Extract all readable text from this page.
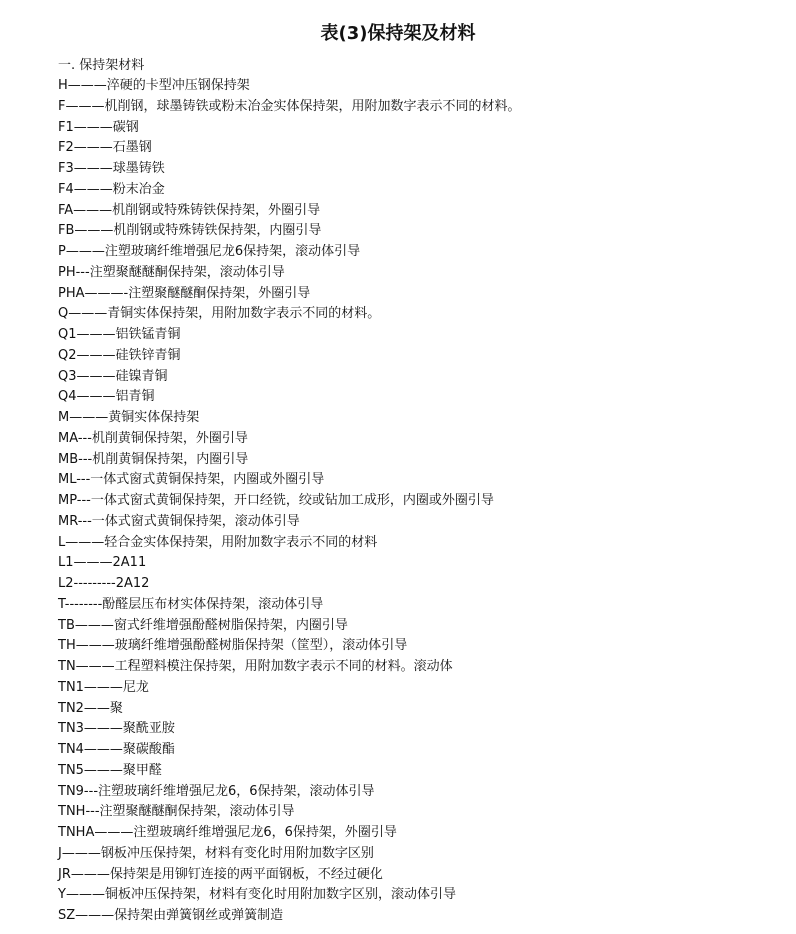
表(3)保持架及材料

一. 保持架材料

H———淬硬的卡型冲压钢保持架
F———机削钢，球墨铸铁或粉末冶金实体保持架，用附加数字表示不同的材料。
F1———碳钢
F2———石墨钢
F3———球墨铸铁
F4———粉末冶金
FA———机削钢或特殊铸铁保持架，外圈引导
FB———机削钢或特殊铸铁保持架，内圈引导
P———注塑玻璃纤维增强尼龙6保持架，滚动体引导
PH---注塑聚醚醚酮保持架，滚动体引导
PHA———-注塑聚醚醚酮保持架，外圈引导
Q———青铜实体保持架，用附加数字表示不同的材料。
Q1———铝铁锰青铜
Q2———硅铁锌青铜
Q3———硅镍青铜
Q4———铝青铜
M———黄铜实体保持架
MA---机削黄铜保持架，外圈引导
MB---机削黄铜保持架，内圈引导
ML---一体式窗式黄铜保持架，内圈或外圈引导
MP---一体式窗式黄铜保持架，开口经铣，绞或钻加工成形，内圈或外圈引导
MR---一体式窗式黄铜保持架，滚动体引导
L———轻合金实体保持架，用附加数字表示不同的材料
L1———2A11
L2---------2A12
T--------酚醛层压布材实体保持架，滚动体引导
TB———窗式纤维增强酚醛树脂保持架，内圈引导
TH———玻璃纤维增强酚醛树脂保持架（筐型），滚动体引导
TN———工程塑料模注保持架，用附加数字表示不同的材料。滚动体
TN1———尼龙
TN2——聚
TN3———聚酰亚胺
TN4———聚碳酸酯
TN5———聚甲醛
TN9---注塑玻璃纤维增强尼龙6，6保持架，滚动体引导
TNH---注塑聚醚醚酮保持架，滚动体引导
TNHA———注塑玻璃纤维增强尼龙6，6保持架，外圈引导
J———钢板冲压保持架，材料有变化时用附加数字区别
JR———保持架是用铆钉连接的两平面钢板，不经过硬化
Y———铜板冲压保持架，材料有变化时用附加数字区别，滚动体引导
SZ———保持架由弹簧钢丝或弹簧制造
